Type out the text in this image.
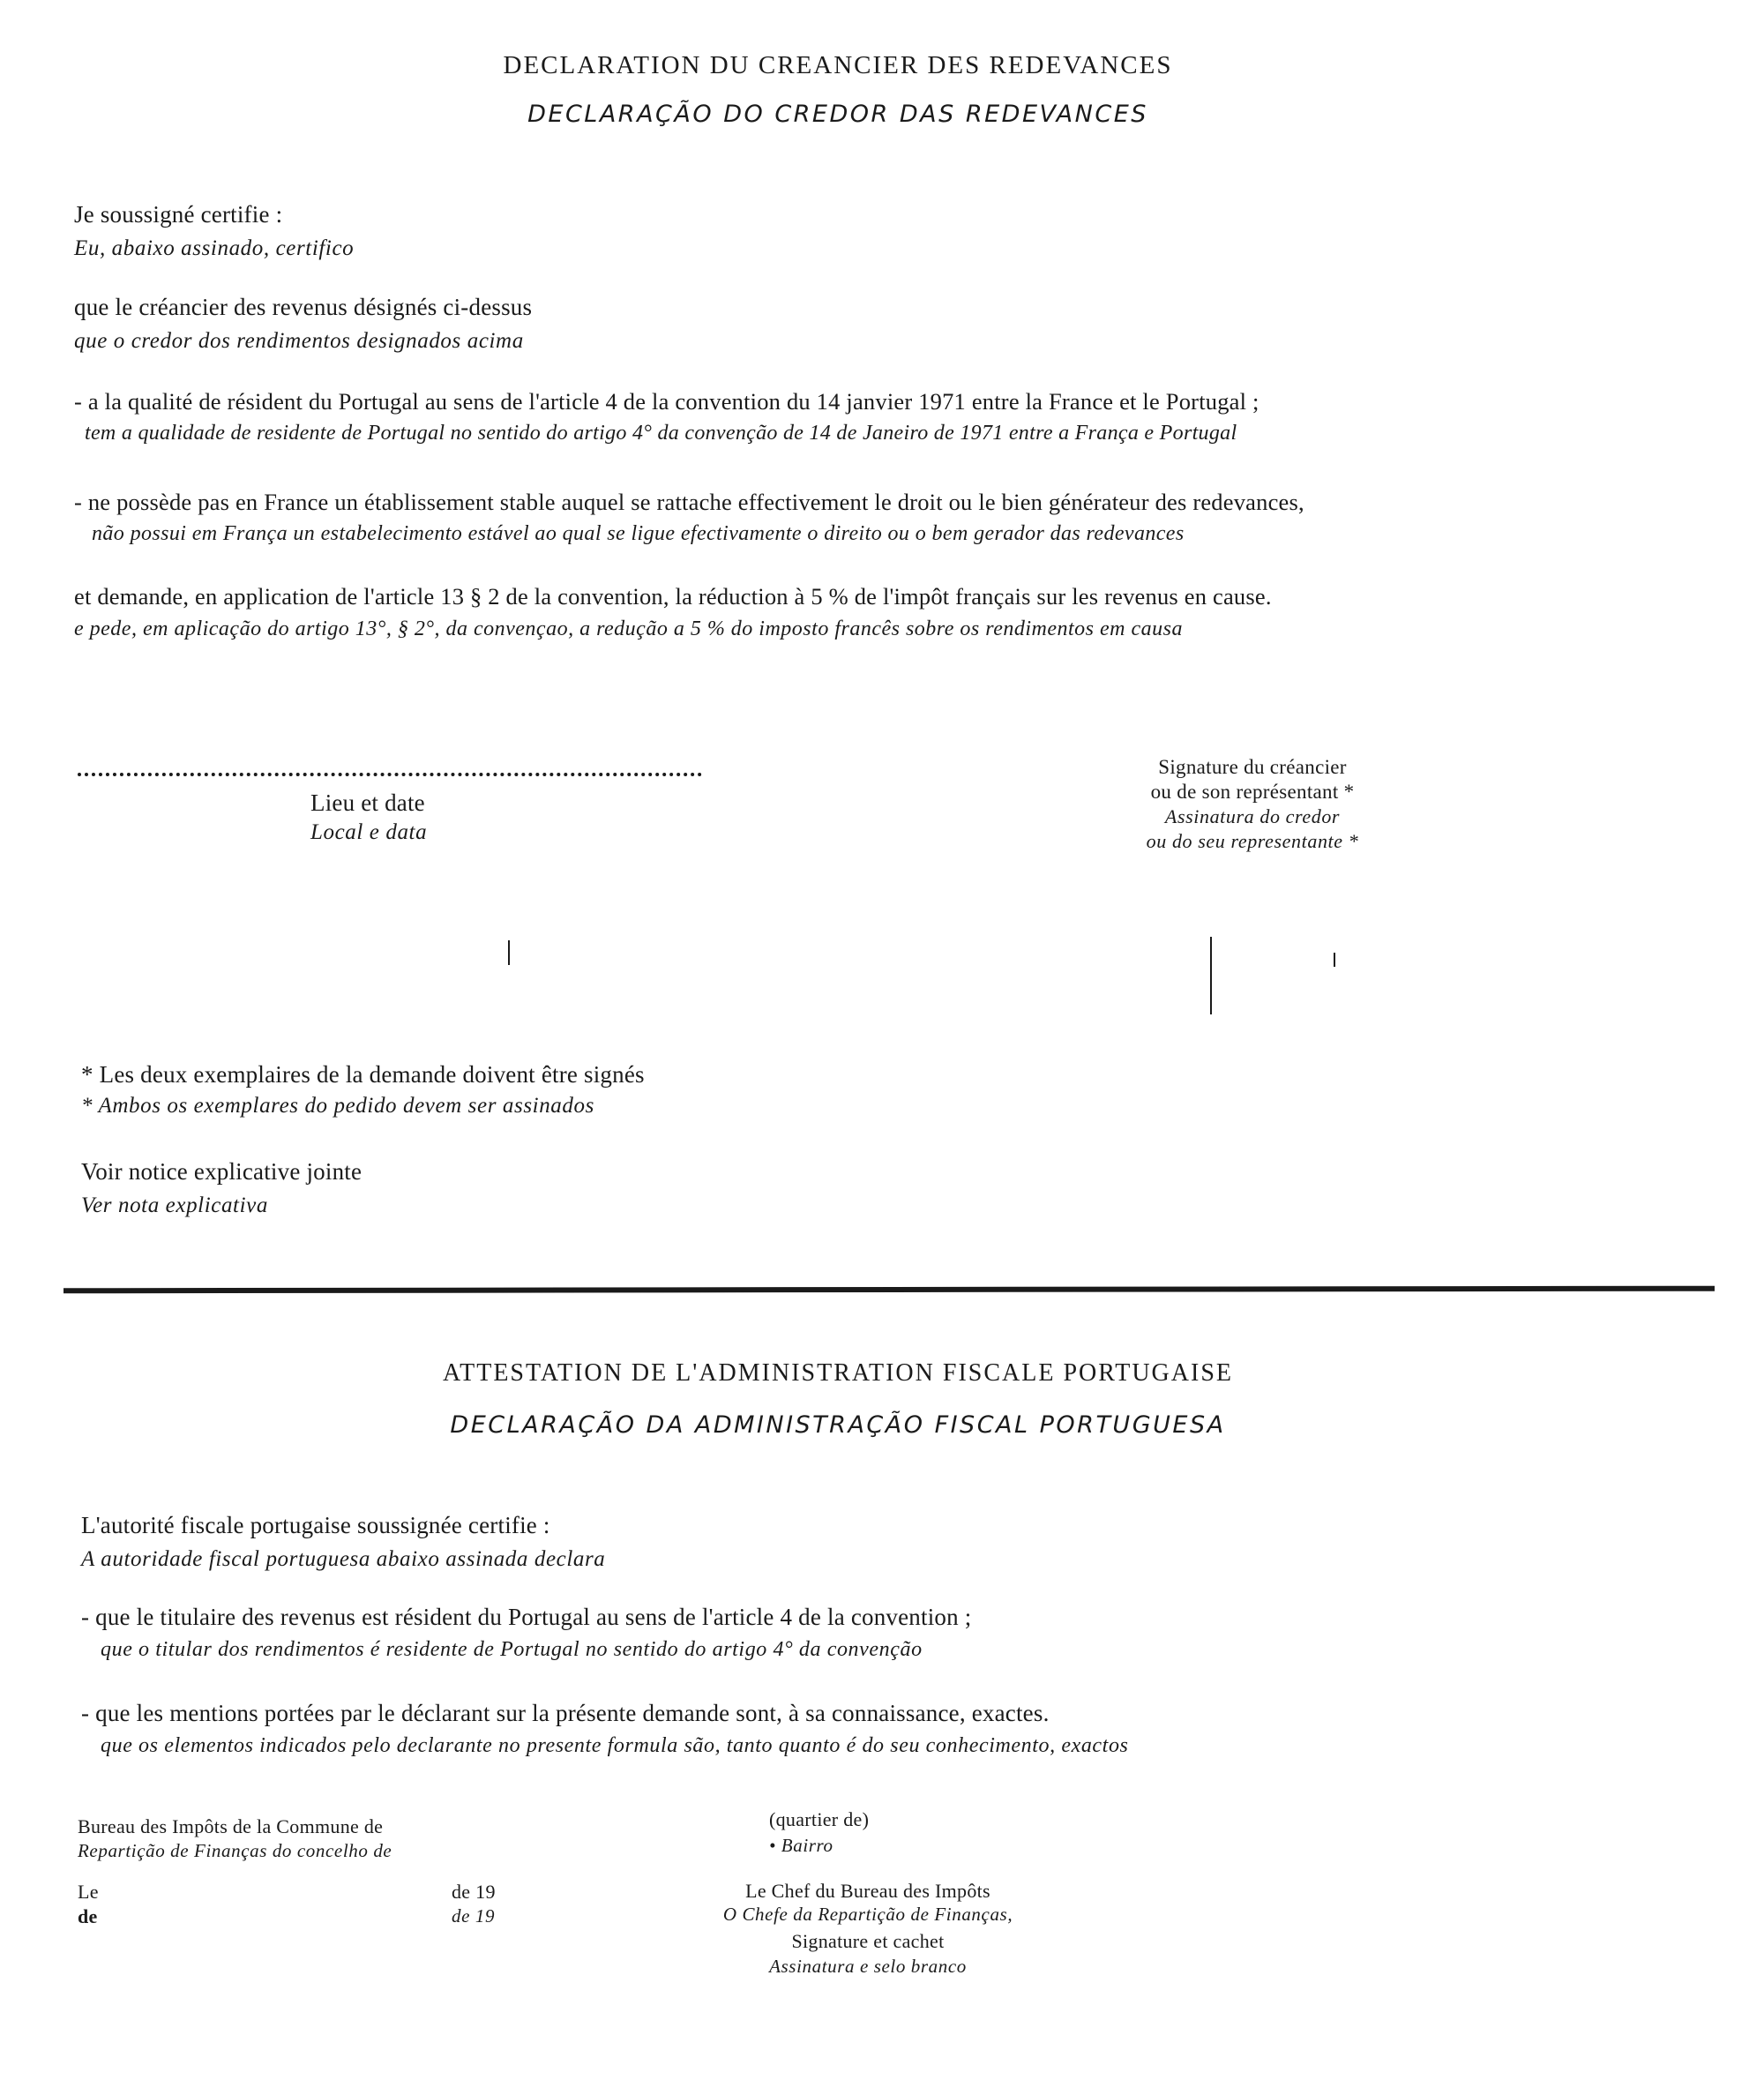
DECLARATION DU CREANCIER DES REDEVANCES
DECLARAÇÃO DO CREDOR DAS REDEVANCES
Je soussigné certifie :
Eu, abaixo assinado, certifico
que le créancier des revenus désignés ci-dessus
que o credor dos rendimentos designados acima
- a la qualité de résident du Portugal au sens de l'article 4 de la convention du 14 janvier 1971 entre la France et le Portugal ;
tem a qualidade de residente de Portugal no sentido do artigo 4° da convenção de 14 de Janeiro de 1971 entre a França e Portugal
- ne possède pas en France un établissement stable auquel se rattache effectivement le droit ou le bien générateur des redevances,
não possui em França un estabelecimento estável ao qual se ligue efectivamente o direito ou o bem gerador das redevances
et demande, en application de l'article 13 § 2 de la convention, la réduction à 5 % de l'impôt français sur les revenus en cause.
e pede, em aplicação do artigo 13°, § 2°, da convençao, a redução a 5 % do imposto francês sobre os rendimentos em causa
Lieu et date
Local e data
Signature du créancier
ou de son représentant *
Assinatura do credor
ou do seu representante *
* Les deux exemplaires de la demande doivent être signés
* Ambos os exemplares do pedido devem ser assinados
Voir notice explicative jointe
Ver nota explicativa
ATTESTATION DE L'ADMINISTRATION FISCALE PORTUGAISE
DECLARAÇÃO DA ADMINISTRAÇÃO FISCAL PORTUGUESA
L'autorité fiscale portugaise soussignée certifie :
A autoridade fiscal portuguesa abaixo assinada declara
- que le titulaire des revenus est résident du Portugal au sens de l'article 4 de la convention ;
que o titular dos rendimentos é residente de Portugal no sentido do artigo 4° da convenção
- que les mentions portées par le déclarant sur la présente demande sont, à sa connaissance, exactes.
que os elementos indicados pelo declarante no presente formula são, tanto quanto é do seu conhecimento, exactos
Bureau des Impôts de la Commune de
Repartição de Finanças do concelho de
(quartier de)
• Bairro
Le
de
de 19
de 19
Le Chef du Bureau des Impôts
O Chefe da Repartição de Finanças,
Signature et cachet
Assinatura e selo branco
